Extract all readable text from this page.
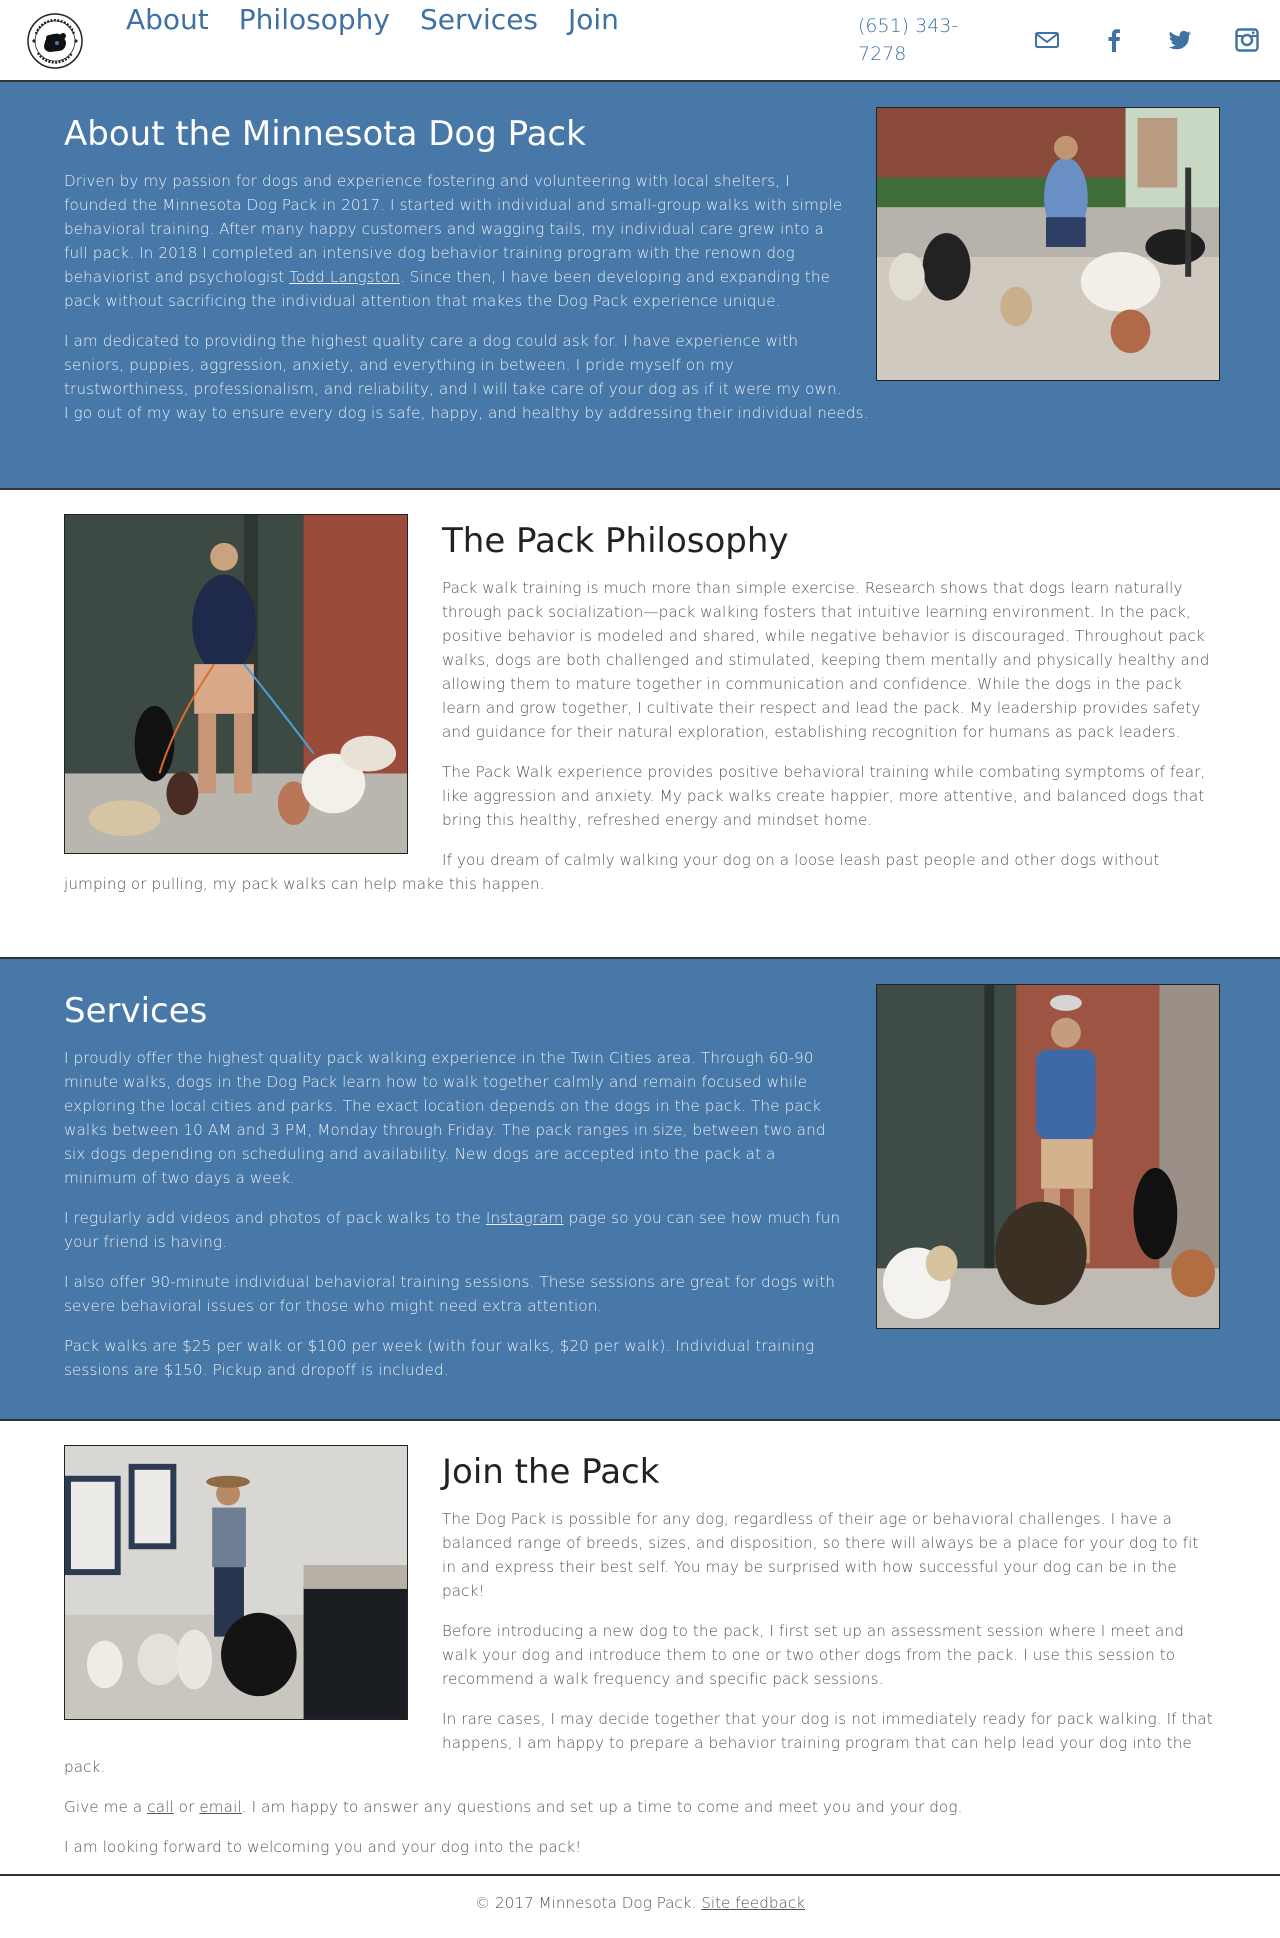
About Philosophy Services Join	(651) 343-7278
About the Minnesota Dog Pack

Driven by my passion for dogs and experience fostering and volunteering with local shelters, I founded the Minnesota Dog Pack in 2017. I started with individual and small-group walks with simple behavioral training. After many happy customers and wagging tails, my individual care grew into a full pack. In 2018 I completed an intensive dog behavior training program with the renown dog behaviorist and psychologist Todd Langston. Since then, I have been developing and expanding the pack without sacrificing the individual attention that makes the Dog Pack experience unique.

I am dedicated to providing the highest quality care a dog could ask for. I have experience with seniors, puppies, aggression, anxiety, and everything in between. I pride myself on my trustworthiness, professionalism, and reliability, and I will take care of your dog as if it were my own. I go out of my way to ensure every dog is safe, happy, and healthy by addressing their individual needs.

The Pack Philosophy

Pack walk training is much more than simple exercise. Research shows that dogs learn naturally through pack socialization—pack walking fosters that intuitive learning environment. In the pack, positive behavior is modeled and shared, while negative behavior is discouraged. Throughout pack walks, dogs are both challenged and stimulated, keeping them mentally and physically healthy and allowing them to mature together in communication and confidence. While the dogs in the pack learn and grow together, I cultivate their respect and lead the pack. My leadership provides safety and guidance for their natural exploration, establishing recognition for humans as pack leaders.

The Pack Walk experience provides positive behavioral training while combating symptoms of fear, like aggression and anxiety. My pack walks create happier, more attentive, and balanced dogs that bring this healthy, refreshed energy and mindset home.

If you dream of calmly walking your dog on a loose leash past people and other dogs without jumping or pulling, my pack walks can help make this happen.

Services

I proudly offer the highest quality pack walking experience in the Twin Cities area. Through 60-90 minute walks, dogs in the Dog Pack learn how to walk together calmly and remain focused while exploring the local cities and parks. The exact location depends on the dogs in the pack. The pack walks between 10 AM and 3 PM, Monday through Friday. The pack ranges in size, between two and six dogs depending on scheduling and availability. New dogs are accepted into the pack at a minimum of two days a week.

I regularly add videos and photos of pack walks to the Instagram page so you can see how much fun your friend is having.

I also offer 90-minute individual behavioral training sessions. These sessions are great for dogs with severe behavioral issues or for those who might need extra attention.

Pack walks are $25 per walk or $100 per week (with four walks, $20 per walk). Individual training sessions are $150. Pickup and dropoff is included.

Join the Pack

The Dog Pack is possible for any dog, regardless of their age or behavioral challenges. I have a balanced range of breeds, sizes, and disposition, so there will always be a place for your dog to fit in and express their best self. You may be surprised with how successful your dog can be in the pack!

Before introducing a new dog to the pack, I first set up an assessment session where I meet and walk your dog and introduce them to one or two other dogs from the pack. I use this session to recommend a walk frequency and specific pack sessions.

In rare cases, I may decide together that your dog is not immediately ready for pack walking. If that happens, I am happy to prepare a behavior training program that can help lead your dog into the pack.

Give me a call or email. I am happy to answer any questions and set up a time to come and meet you and your dog.

I am looking forward to welcoming you and your dog into the pack!

© 2017 Minnesota Dog Pack. Site feedback
